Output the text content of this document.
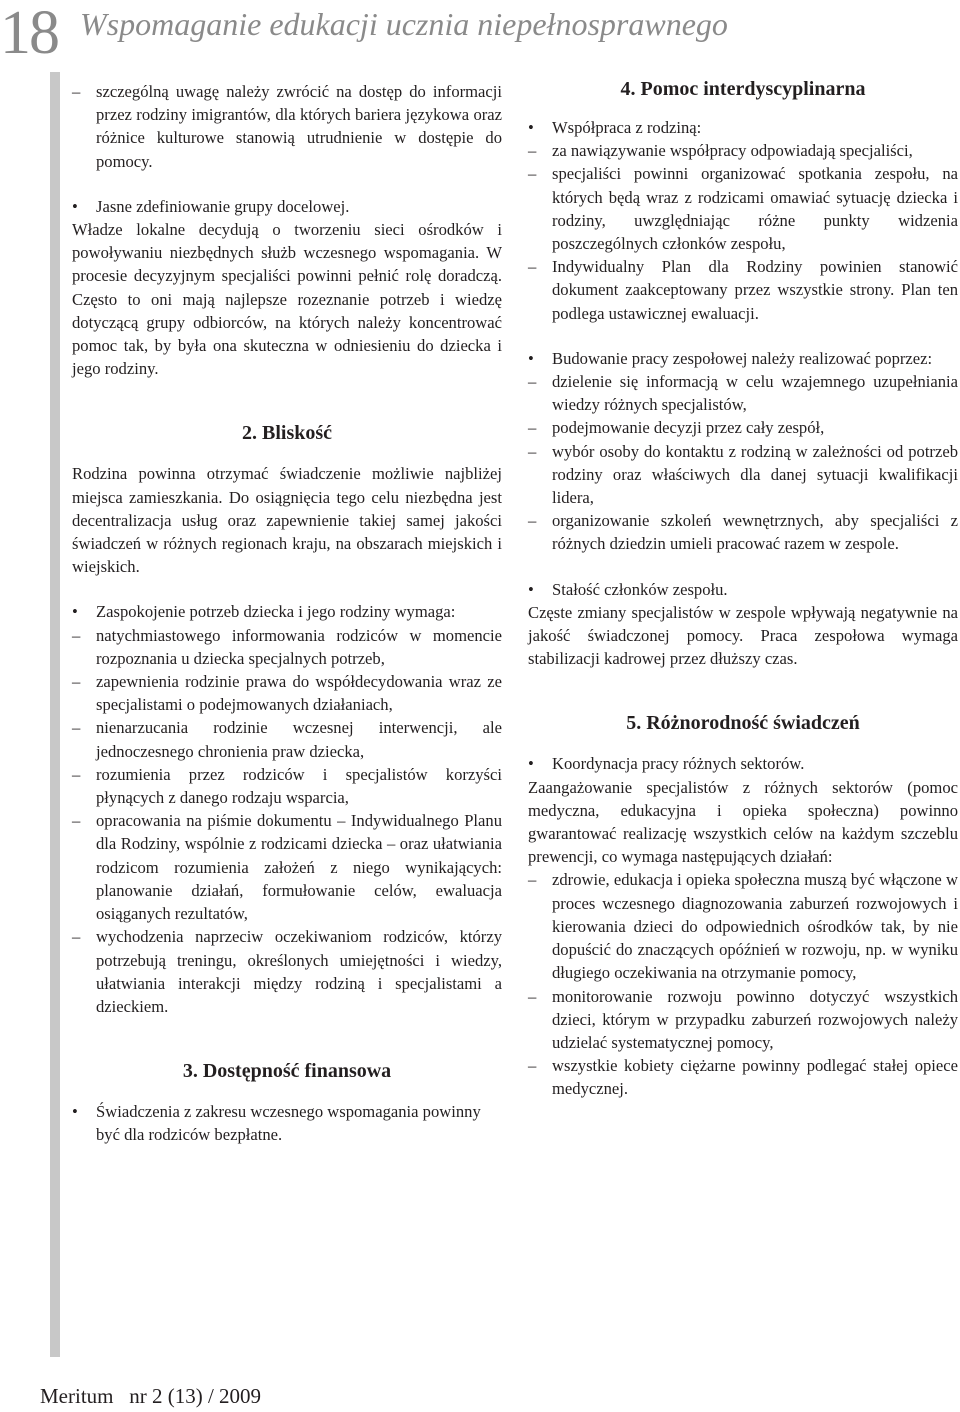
18 Wspomaganie edukacji ucznia niepełnosprawnego
– szczególną uwagę należy zwrócić na dostęp do informacji przez rodziny imigrantów, dla których bariera językowa oraz różnice kulturowe stanowią utrudnienie w dostępie do pomocy.

• Jasne zdefiniowanie grupy docelowej.

Władze lokalne decydują o tworzeniu sieci ośrodków i powoływaniu niezbędnych służb wczesnego wspomagania. W procesie decyzyjnym specjaliści powinni pełnić rolę doradczą. Często to oni mają najlepsze rozeznanie potrzeb i wiedzę dotyczącą grupy odbiorców, na których należy koncentrować pomoc tak, by była ona skuteczna w odniesieniu do dziecka i jego rodziny.

2. Bliskość

Rodzina powinna otrzymać świadczenie możliwie najbliżej miejsca zamieszkania. Do osiągnięcia tego celu niezbędna jest decentralizacja usług oraz zapewnienie takiej samej jakości świadczeń w różnych regionach kraju, na obszarach miejskich i wiejskich.

• Zaspokojenie potrzeb dziecka i jego rodziny wymaga:

– natychmiastowego informowania rodziców w momencie rozpoznania u dziecka specjalnych potrzeb,

– zapewnienia rodzinie prawa do współdecydowania wraz ze specjalistami o podejmowanych działaniach,

– nienarzucania rodzinie wczesnej interwencji, ale jednoczesnego chronienia praw dziecka,

– rozumienia przez rodziców i specjalistów korzyści płynących z danego rodzaju wsparcia,

– opracowania na piśmie dokumentu – Indywidualnego Planu dla Rodziny, wspólnie z rodzicami dziecka – oraz ułatwiania rodzicom rozumienia założeń z niego wynikających: planowanie działań, formułowanie celów, ewaluacja osiąganych rezultatów,

– wychodzenia naprzeciw oczekiwaniom rodziców, którzy potrzebują treningu, określonych umiejętności i wiedzy, ułatwiania interakcji między rodziną i specjalistami a dzieckiem.

3. Dostępność finansowa
• Świadczenia z zakresu wczesnego wspomagania powinny być dla rodziców bezpłatne.

4. Pomoc interdyscyplinarna
• Współpraca z rodziną:

– za nawiązywanie współpracy odpowiadają specjaliści,

– specjaliści powinni organizować spotkania zespołu, na których będą wraz z rodzicami omawiać sytuację dziecka i rodziny, uwzględniając różne punkty widzenia poszczególnych członków zespołu,

– Indywidualny Plan dla Rodziny powinien stanowić dokument zaakceptowany przez wszystkie strony. Plan ten podlega ustawicznej ewaluacji.

• Budowanie pracy zespołowej należy realizować poprzez:

– dzielenie się informacją w celu wzajemnego uzupełniania wiedzy różnych specjalistów,

– podejmowanie decyzji przez cały zespół,

– wybór osoby do kontaktu z rodziną w zależności od potrzeb rodziny oraz właściwych dla danej sytuacji kwalifikacji lidera,

– organizowanie szkoleń wewnętrznych, aby specjaliści z różnych dziedzin umieli pracować razem w zespole.

• Stałość członków zespołu.

Częste zmiany specjalistów w zespole wpływają negatywnie na jakość świadczonej pomocy. Praca zespołowa wymaga stabilizacji kadrowej przez dłuższy czas.

5. Różnorodność świadczeń
• Koordynacja pracy różnych sektorów.

Zaangażowanie specjalistów z różnych sektorów (pomoc medyczna, edukacyjna i opieka społeczna) powinno gwarantować realizację wszystkich celów na każdym szczeblu prewencji, co wymaga następujących działań:

– zdrowie, edukacja i opieka społeczna muszą być włączone w proces wczesnego diagnozowania zaburzeń rozwojowych i kierowania dzieci do odpowiednich ośrodków tak, by nie dopuścić do znaczących opóźnień w rozwoju, np. w wyniku długiego oczekiwania na otrzymanie pomocy,

– monitorowanie rozwoju powinno dotyczyć wszystkich dzieci, którym w przypadku zaburzeń rozwojowych należy udzielać systematycznej pomocy,

– wszystkie kobiety ciężarne powinny podlegać stałej opiece medycznej.

Meritum   nr 2 (13) / 2009
